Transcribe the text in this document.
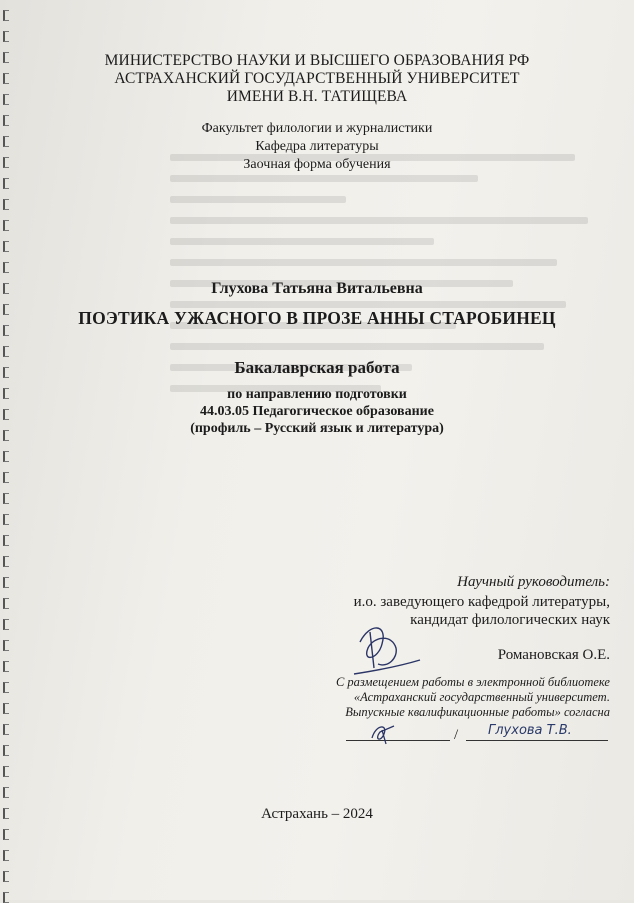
МИНИСТЕРСТВО НАУКИ И ВЫСШЕГО ОБРАЗОВАНИЯ РФ
АСТРАХАНСКИЙ ГОСУДАРСТВЕННЫЙ УНИВЕРСИТЕТ
ИМЕНИ В.Н. ТАТИЩЕВА
Факультет филологии и журналистики
Кафедра литературы
Заочная форма обучения
Глухова Татьяна Витальевна
ПОЭТИКА УЖАСНОГО В ПРОЗЕ АННЫ СТАРОБИНЕЦ
Бакалаврская работа
по направлению подготовки
44.03.05 Педагогическое образование
(профиль – Русский язык и литература)
Научный руководитель:
и.о. заведующего кафедрой литературы,
кандидат филологических наук
Романовская О.Е.
С размещением работы в электронной библиотеке
«Астраханский государственный университет.
Выпускные квалификационные работы» согласна
/ Глухова Т.В.
Астрахань – 2024
